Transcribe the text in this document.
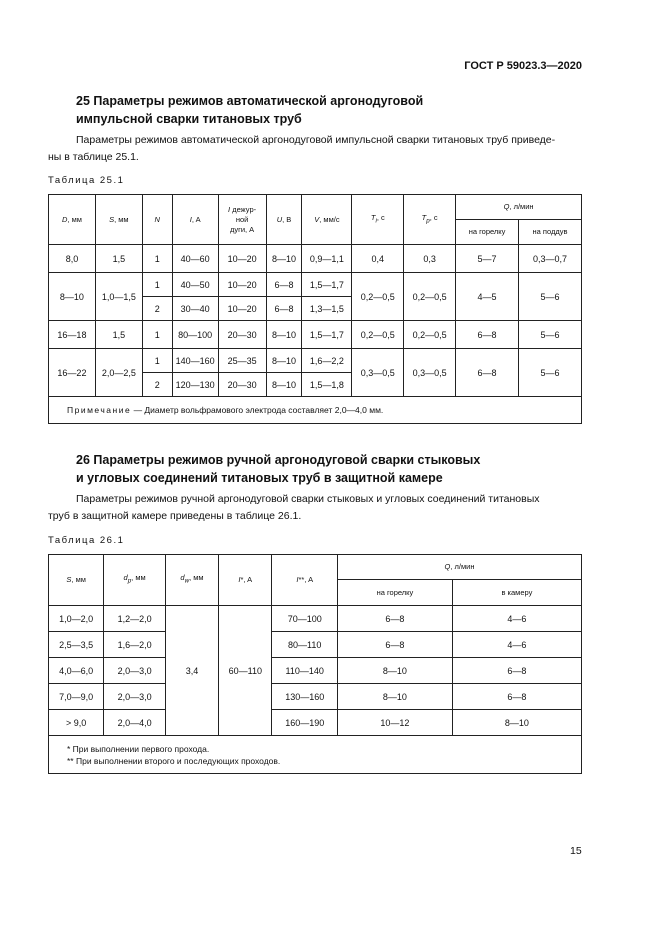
ГОСТ Р 59023.3—2020
25 Параметры режимов автоматической аргонодуговой
импульсной сварки титановых труб
Параметры режимов автоматической аргонодуговой импульсной сварки титановых труб приведе-
ны в таблице 25.1.
Таблица 25.1
D, мм	S, мм	N	I, A	I дежур-
ной
дуги, А	U, B	V, мм/с	$T_i$, с	$T_p$, с	Q, л/мин	
									на горелку	на поддув
8,0	1,5	1	40—60	10—20	8—10	0,9—1,1	0,4	0,3	5—7	0,3—0,7
8—10	1,0—1,5	1	40—50	10—20	6—8	1,5—1,7	0,2—0,5	0,2—0,5	4—5	5—6
		2	30—40	10—20	6—8	1,3—1,5				
16—18	1,5	1	80—100	20—30	8—10	1,5—1,7	0,2—0,5	0,2—0,5	6—8	5—6
16—22	2,0—2,5	1	140—160	25—35	8—10	1,6—2,2	0,3—0,5	0,3—0,5	6—8	5—6
		2	120—130	20—30	8—10	1,5—1,8				
Примечание — Диаметр вольфрамового электрода составляет 2,0—4,0 мм.										
26 Параметры режимов ручной аргонодуговой сварки стыковых
и угловых соединений титановых труб в защитной камере
Параметры режимов ручной аргонодуговой сварки стыковых и угловых соединений титановых
труб в защитной камере приведены в таблице 26.1.
Таблица 26.1
S, мм	$d_p$, мм	$d_w$, мм	I*, A	I**, A	Q, л/мин	
					на горелку	в камеру
1,0—2,0	1,2—2,0	3,4	60—110	70—100	6—8	4—6
2,5—3,5	1,6—2,0			80—110	6—8	4—6
4,0—6,0	2,0—3,0			110—140	8—10	6—8
7,0—9,0	2,0—3,0			130—160	8—10	6—8
> 9,0	2,0—4,0			160—190	10—12	8—10

* При выполнении первого прохода.
** При выполнении второго и последующих проходов.						
15
